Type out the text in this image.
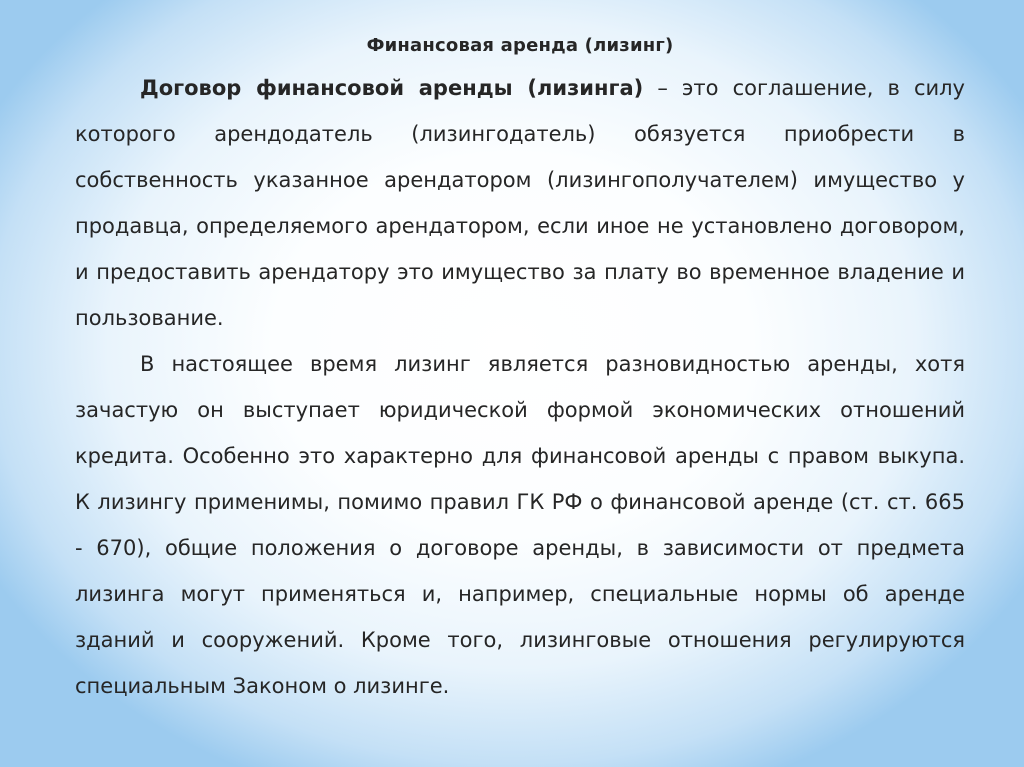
Финансовая аренда (лизинг)

Договор финансовой аренды (лизинга) – это соглашение, в силу которого арендодатель (лизингодатель) обязуется приобрести в собственность указанное арендатором (лизингополучателем) имущество у продавца, определяемого арендатором, если иное не установлено договором, и предоставить арендатору это имущество за плату во временное владение и пользование.

В настоящее время лизинг является разновидностью аренды, хотя зачастую он выступает юридической формой экономических отношений кредита. Особенно это характерно для финансовой аренды с правом выкупа. К лизингу применимы, помимо правил ГК РФ о финансовой аренде (ст. ст. 665 - 670), общие положения о договоре аренды, в зависимости от предмета лизинга могут применяться и, например, специальные нормы об аренде зданий и сооружений. Кроме того, лизинговые отношения регулируются специальным Законом о лизинге.
